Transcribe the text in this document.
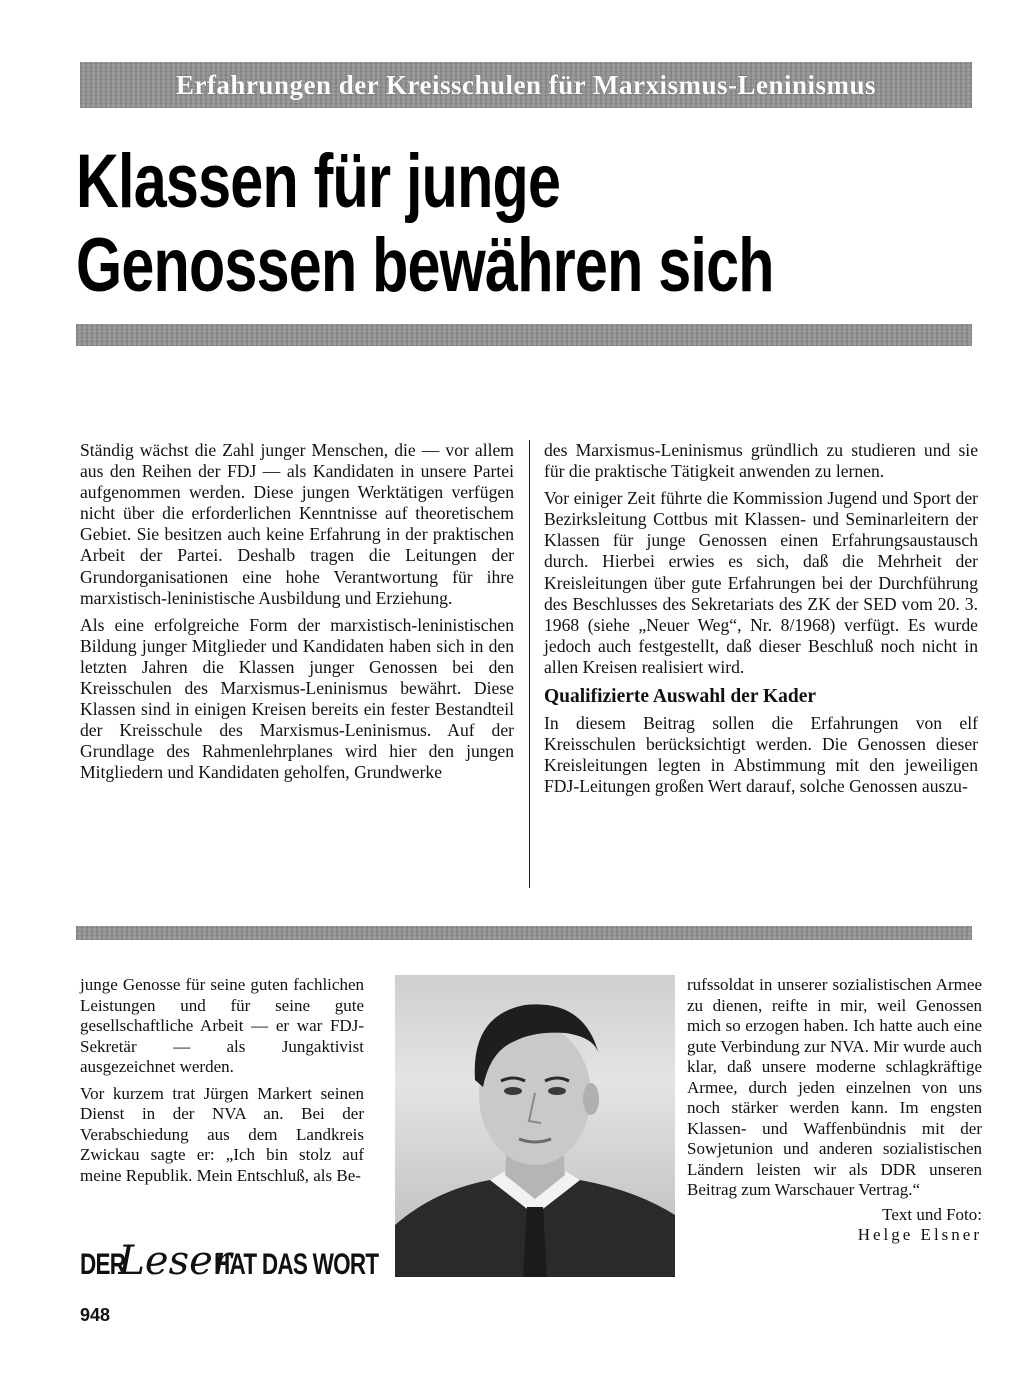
Erfahrungen der Kreisschulen für Marxismus-Leninismus
Klassen für junge
Genossen bewähren sich

Ständig wächst die Zahl junger Menschen, die — vor allem aus den Reihen der FDJ — als Kandidaten in unsere Partei aufgenommen werden. Diese jungen Werktätigen verfügen nicht über die erforderlichen Kenntnisse auf theoretischem Gebiet. Sie besitzen auch keine Erfahrung in der praktischen Arbeit der Partei. Deshalb tragen die Leitungen der Grundorganisationen eine hohe Verantwortung für ihre marxistisch-leninistische Ausbildung und Erziehung.

Als eine erfolgreiche Form der marxistisch-leninistischen Bildung junger Mitglieder und Kandidaten haben sich in den letzten Jahren die Klassen junger Genossen bei den Kreisschulen des Marxismus-Leninismus bewährt. Diese Klassen sind in einigen Kreisen bereits ein fester Bestandteil der Kreisschule des Marxismus-Leninismus. Auf der Grundlage des Rahmenlehrplanes wird hier den jungen Mitgliedern und Kandidaten geholfen, Grundwerke

des Marxismus-Leninismus gründlich zu studieren und sie für die praktische Tätigkeit anwenden zu lernen.

Vor einiger Zeit führte die Kommission Jugend und Sport der Bezirksleitung Cottbus mit Klassen- und Seminarleitern der Klassen für junge Genossen einen Erfahrungsaustausch durch. Hierbei erwies es sich, daß die Mehrheit der Kreisleitungen über gute Erfahrungen bei der Durchführung des Beschlusses des Sekretariats des ZK der SED vom 20. 3. 1968 (siehe „Neuer Weg“, Nr. 8/1968) verfügt. Es wurde jedoch auch festgestellt, daß dieser Beschluß noch nicht in allen Kreisen realisiert wird.

Qualifizierte Auswahl der Kader

In diesem Beitrag sollen die Erfahrungen von elf Kreisschulen berücksichtigt werden. Die Genossen dieser Kreisleitungen legten in Abstimmung mit den jeweiligen FDJ-Leitungen großen Wert darauf, solche Genossen auszu-

junge Genosse für seine guten fachlichen Leistungen und für seine gute gesellschaftliche Arbeit — er war FDJ-Sekretär — als Jungaktivist ausgezeichnet werden.

Vor kurzem trat Jürgen Markert seinen Dienst in der NVA an. Bei der Verabschiedung aus dem Landkreis Zwickau sagte er: „Ich bin stolz auf meine Republik. Mein Entschluß, als Be-

rufssoldat in unserer sozialistischen Armee zu dienen, reifte in mir, weil Genossen mich so erzogen haben. Ich hatte auch eine gute Verbindung zur NVA. Mir wurde auch klar, daß unsere moderne schlagkräftige Armee, durch jeden einzelnen von uns noch stärker werden kann. Im engsten Klassen- und Waffenbündnis mit der Sowjetunion und anderen sozialistischen Ländern leisten wir als DDR unseren Beitrag zum Warschauer Vertrag.“

Text und Foto:
Helge Elsner
DER
Leser
HAT DAS WORT
948
